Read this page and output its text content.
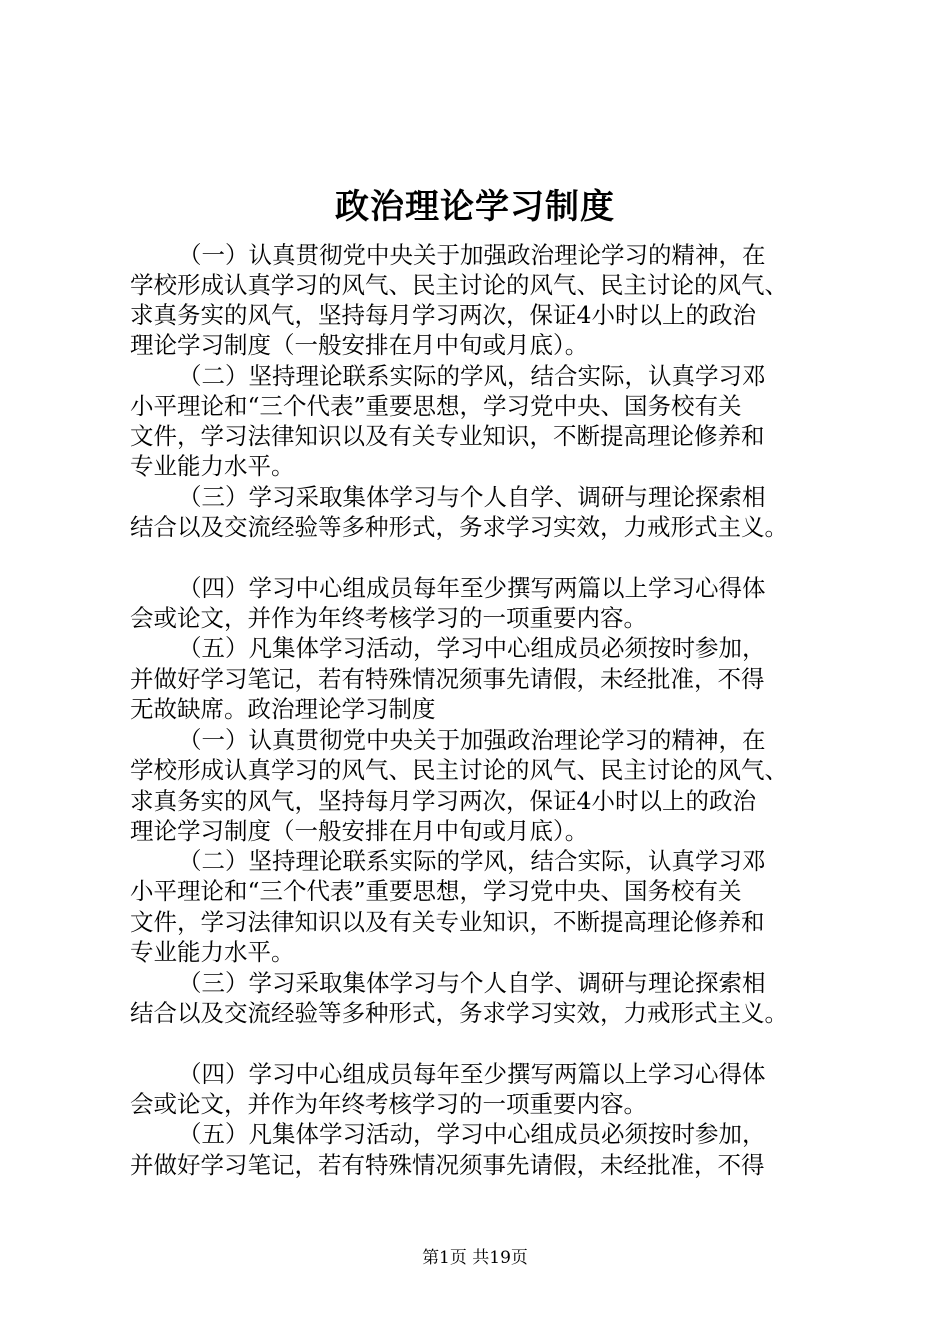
政治理论学习制度
（一）认真贯彻党中央关于加强政治理论学习的精神，在
学校形成认真学习的风气、民主讨论的风气、民主讨论的风气、
求真务实的风气，坚持每月学习两次，保证4小时以上的政治
理论学习制度（一般安排在月中旬或月底）。
（二）坚持理论联系实际的学风，结合实际，认真学习邓
小平理论和“三个代表”重要思想，学习党中央、国务校有关
文件，学习法律知识以及有关专业知识，不断提高理论修养和
专业能力水平。
（三）学习采取集体学习与个人自学、调研与理论探索相
结合以及交流经验等多种形式，务求学习实效，力戒形式主义。
（四）学习中心组成员每年至少撰写两篇以上学习心得体
会或论文，并作为年终考核学习的一项重要内容。
（五）凡集体学习活动，学习中心组成员必须按时参加，
并做好学习笔记，若有特殊情况须事先请假，未经批准，不得
无故缺席。政治理论学习制度
（一）认真贯彻党中央关于加强政治理论学习的精神，在
学校形成认真学习的风气、民主讨论的风气、民主讨论的风气、
求真务实的风气，坚持每月学习两次，保证4小时以上的政治
理论学习制度（一般安排在月中旬或月底）。
（二）坚持理论联系实际的学风，结合实际，认真学习邓
小平理论和“三个代表”重要思想，学习党中央、国务校有关
文件，学习法律知识以及有关专业知识，不断提高理论修养和
专业能力水平。
（三）学习采取集体学习与个人自学、调研与理论探索相
结合以及交流经验等多种形式，务求学习实效，力戒形式主义。
（四）学习中心组成员每年至少撰写两篇以上学习心得体
会或论文，并作为年终考核学习的一项重要内容。
（五）凡集体学习活动，学习中心组成员必须按时参加，
并做好学习笔记，若有特殊情况须事先请假，未经批准，不得
第1页 共19页
